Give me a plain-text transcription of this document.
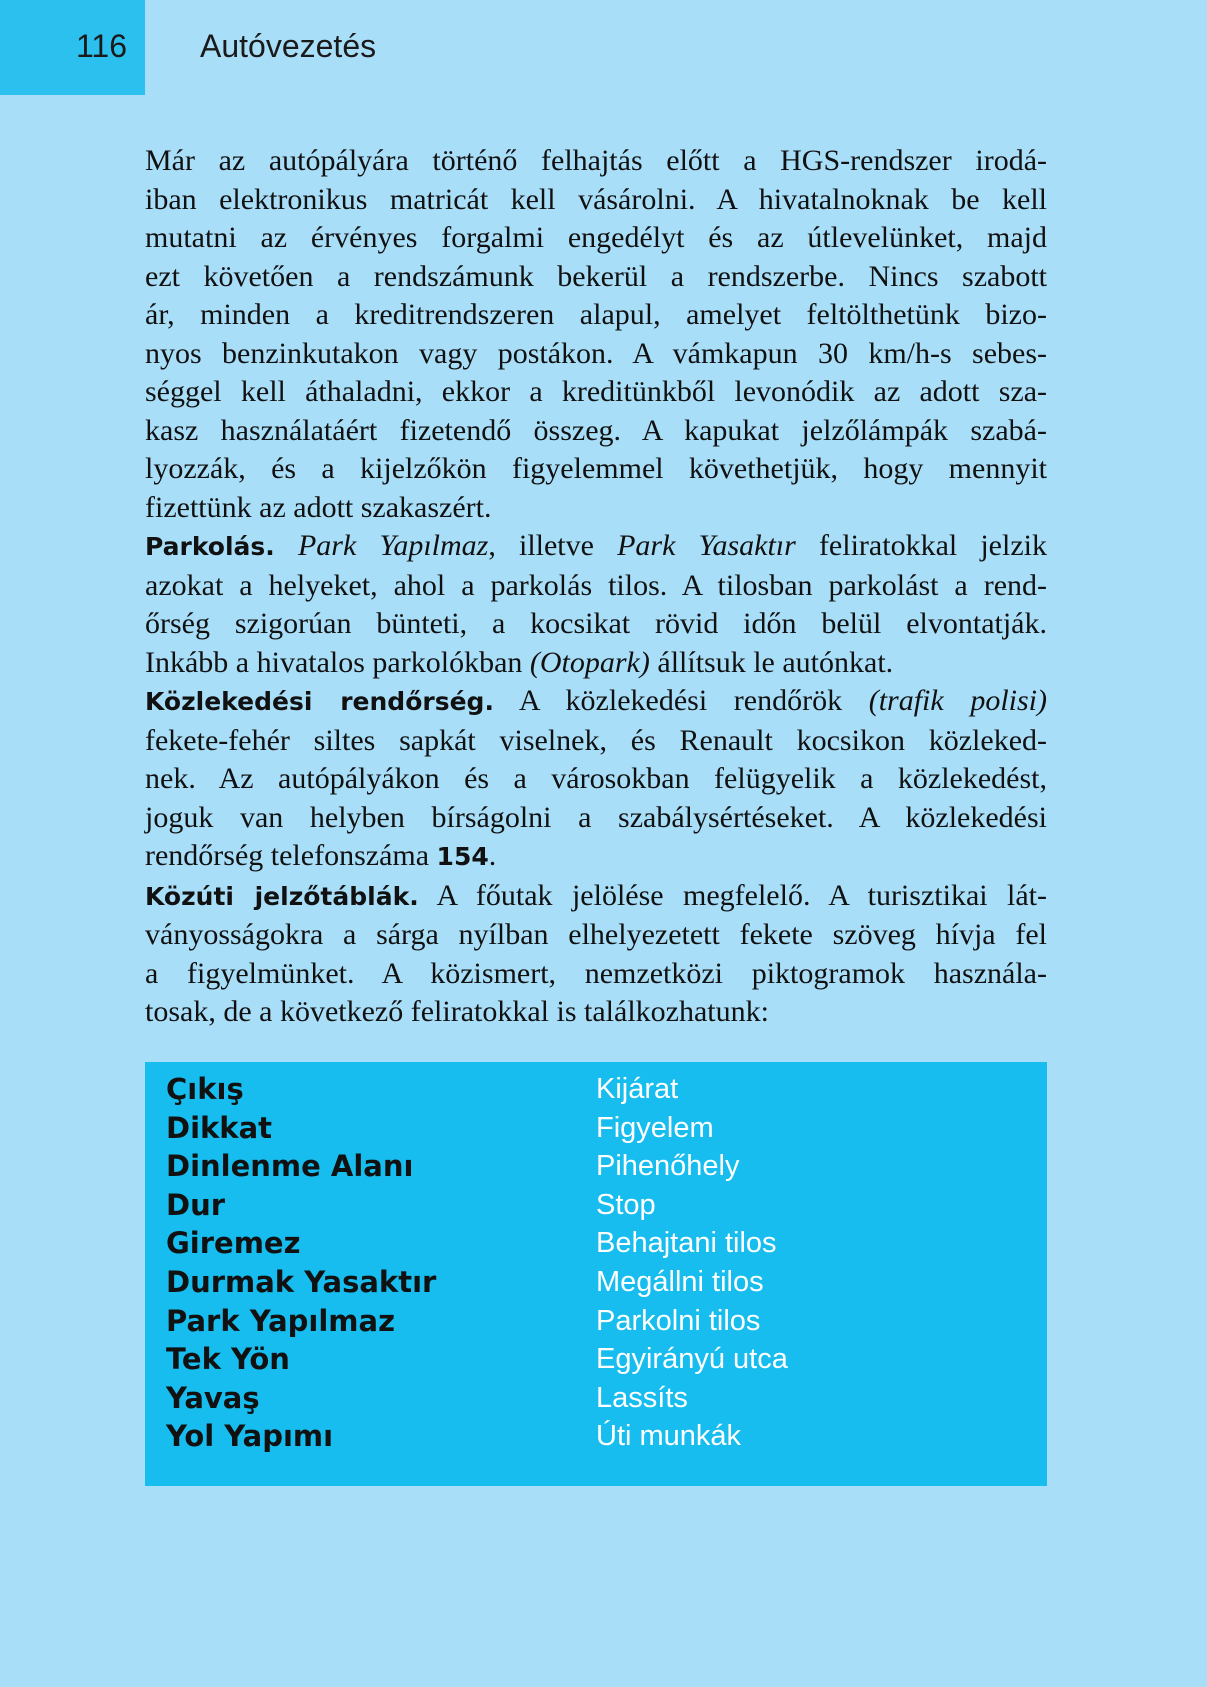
116 Autóvezetés
Már az autópályára történő felhajtás előtt a HGS-rendszer irodá-
iban elektronikus matricát kell vásárolni. A hivatalnoknak be kell
mutatni az érvényes forgalmi engedélyt és az útlevelünket, majd
ezt követően a rendszámunk bekerül a rendszerbe. Nincs szabott
ár, minden a kreditrendszeren alapul, amelyet feltölthetünk bizo-
nyos benzinkutakon vagy postákon. A vámkapun 30 km/h-s sebes-
séggel kell áthaladni, ekkor a kreditünkből levonódik az adott sza-
kasz használatáért fizetendő összeg. A kapukat jelzőlámpák szabá-
lyozzák, és a kijelzőkön figyelemmel követhetjük, hogy mennyit
fizettünk az adott szakaszért.
Parkolás. Park Yapılmaz, illetve Park Yasaktır feliratokkal jelzik
azokat a helyeket, ahol a parkolás tilos. A tilosban parkolást a rend-
őrség szigorúan bünteti, a kocsikat rövid időn belül elvontatják.
Inkább a hivatalos parkolókban (Otopark) állítsuk le autónkat.
Közlekedési rendőrség. A közlekedési rendőrök (trafik polisi)
fekete-fehér siltes sapkát viselnek, és Renault kocsikon közleked-
nek. Az autópályákon és a városokban felügyelik a közlekedést,
joguk van helyben bírságolni a szabálysértéseket. A közlekedési
rendőrség telefonszáma 154.
Közúti jelzőtáblák. A főutak jelölése megfelelő. A turisztikai lát-
ványosságokra a sárga nyílban elhelyezetett fekete szöveg hívja fel
a figyelmünket. A közismert, nemzetközi piktogramok használa-
tosak, de a következő feliratokkal is találkozhatunk:
Çıkış	Kijárat
Dikkat	Figyelem
Dinlenme Alanı	Pihenőhely
Dur	Stop
Giremez	Behajtani tilos
Durmak Yasaktır	Megállni tilos
Park Yapılmaz	Parkolni tilos
Tek Yön	Egyirányú utca
Yavaş	Lassíts
Yol Yapımı	Úti munkák
